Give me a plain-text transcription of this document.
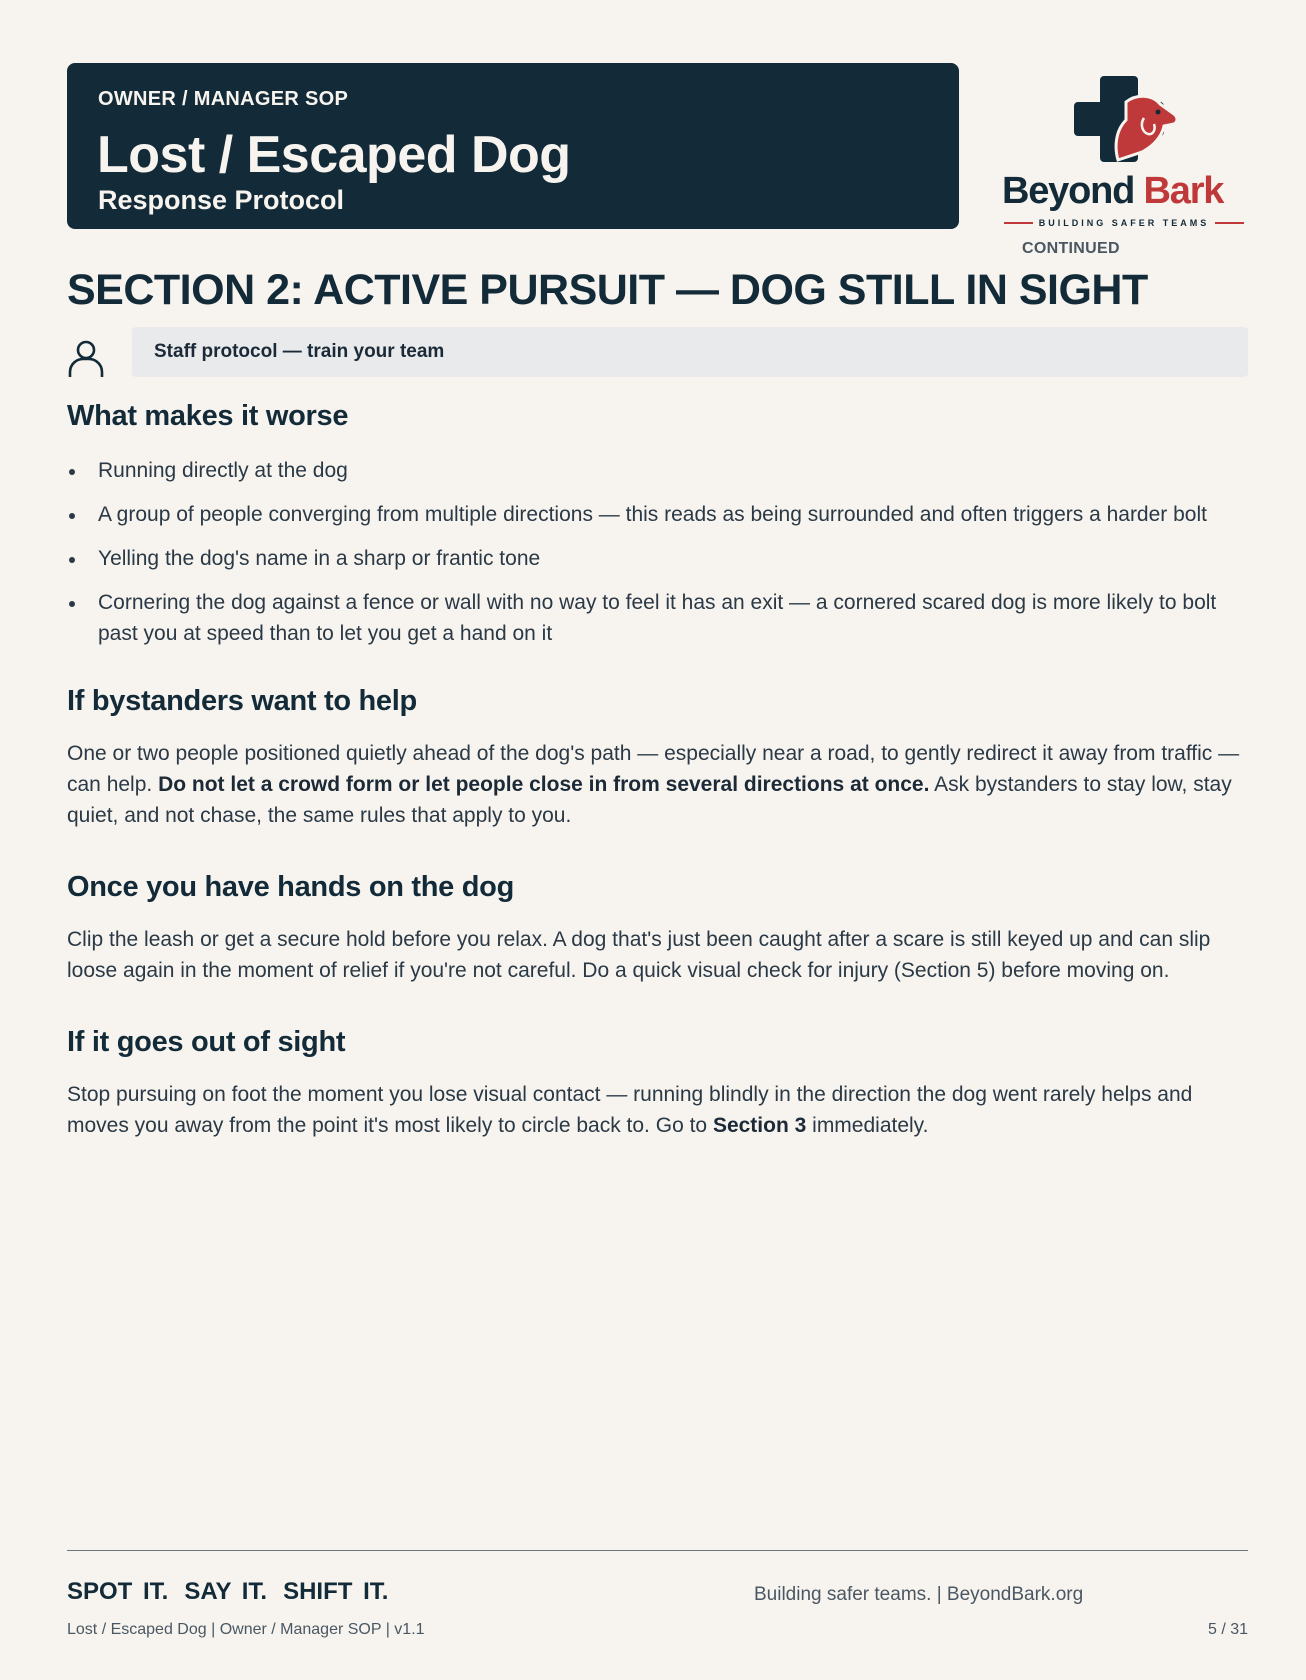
OWNER / MANAGER SOP
Lost / Escaped Dog
Response Protocol	Beyond Bark
BUILDING SAFER TEAMS
CONTINUED
SECTION 2: ACTIVE PURSUIT — DOG STILL IN SIGHT
Staff protocol — train your team
What makes it worse
Running directly at the dog
A group of people converging from multiple directions — this reads as being surrounded and often triggers a harder bolt
Yelling the dog's name in a sharp or frantic tone
Cornering the dog against a fence or wall with no way to feel it has an exit — a cornered scared dog is more likely to bolt past you at speed than to let you get a hand on it
If bystanders want to help

One or two people positioned quietly ahead of the dog's path — especially near a road, to gently redirect it away from traffic — can help. Do not let a crowd form or let people close in from several directions at once. Ask bystanders to stay low, stay quiet, and not chase, the same rules that apply to you.

Once you have hands on the dog

Clip the leash or get a secure hold before you relax. A dog that's just been caught after a scare is still keyed up and can slip loose again in the moment of relief if you're not careful. Do a quick visual check for injury (Section 5) before moving on.

If it goes out of sight

Stop pursuing on foot the moment you lose visual contact — running blindly in the direction the dog went rarely helps and moves you away from the point it's most likely to circle back to. Go to Section 3 immediately.

SPOT IT. SAY IT. SHIFT IT.	Building safer teams. | BeyondBark.org
Lost / Escaped Dog | Owner / Manager SOP | v1.1	5 / 31
